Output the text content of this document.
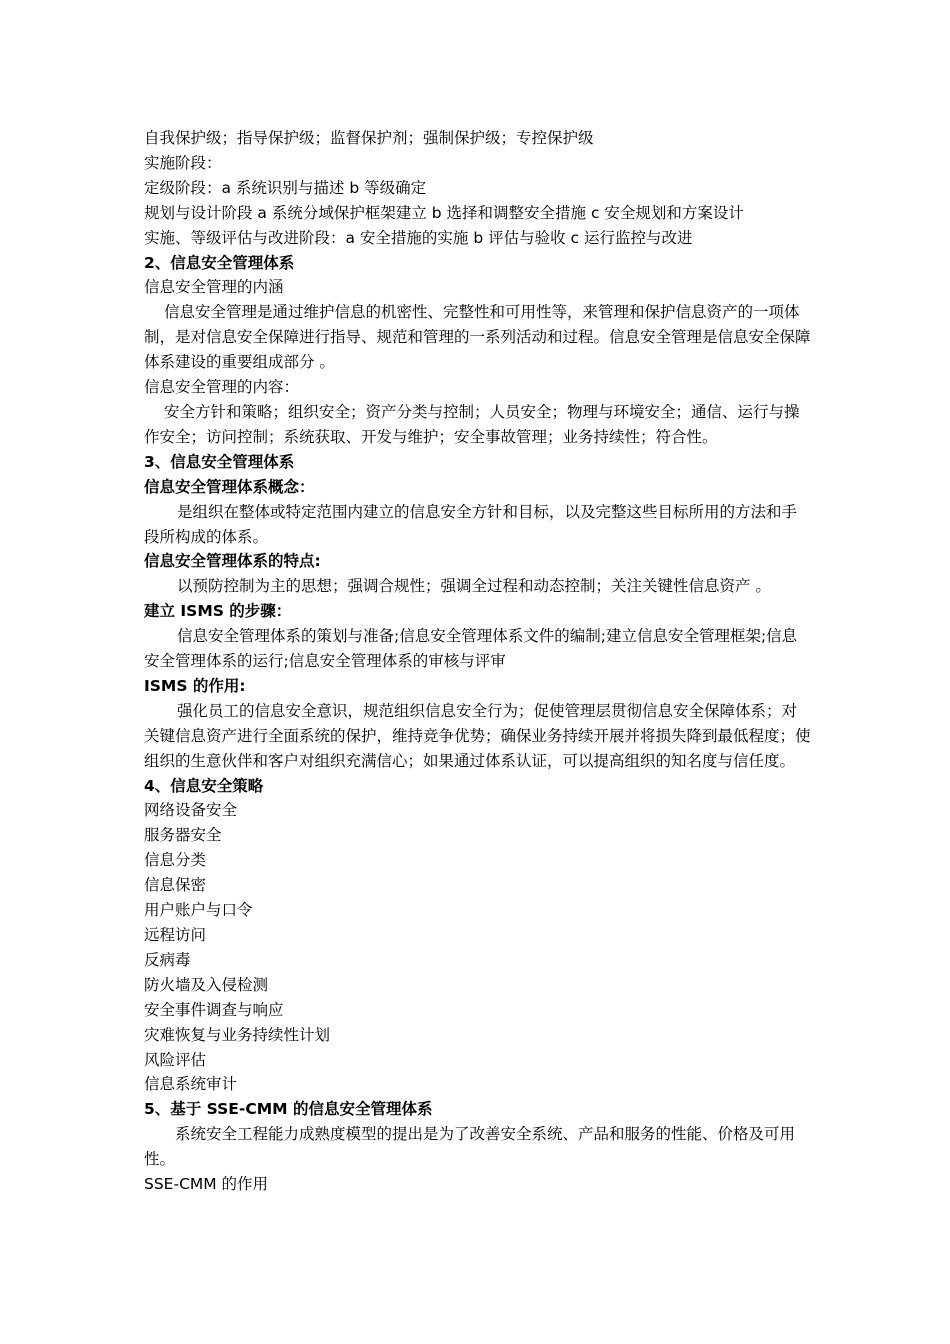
自我保护级；指导保护级；监督保护剂；强制保护级；专控保护级

实施阶段：

定级阶段：a 系统识别与描述 b 等级确定

规划与设计阶段 a 系统分域保护框架建立 b 选择和调整安全措施 c 安全规划和方案设计

实施、等级评估与改进阶段：a 安全措施的实施 b 评估与验收 c 运行监控与改进

2、信息安全管理体系

信息安全管理的内涵

信息安全管理是通过维护信息的机密性、完整性和可用性等，来管理和保护信息资产的一项体制，是对信息安全保障进行指导、规范和管理的一系列活动和过程。信息安全管理是信息安全保障体系建设的重要组成部分 。

信息安全管理的内容：

安全方针和策略；组织安全；资产分类与控制；人员安全；物理与环境安全；通信、运行与操作安全；访问控制；系统获取、开发与维护；安全事故管理；业务持续性；符合性。

3、信息安全管理体系

信息安全管理体系概念：

是组织在整体或特定范围内建立的信息安全方针和目标，以及完整这些目标所用的方法和手段所构成的体系。

信息安全管理体系的特点:

以预防控制为主的思想；强调合规性；强调全过程和动态控制；关注关键性信息资产 。

建立 ISMS 的步骤：

信息安全管理体系的策划与准备;信息安全管理体系文件的编制;建立信息安全管理框架;信息安全管理体系的运行;信息安全管理体系的审核与评审

ISMS 的作用:

强化员工的信息安全意识，规范组织信息安全行为；促使管理层贯彻信息安全保障体系；对关键信息资产进行全面系统的保护，维持竞争优势；确保业务持续开展并将损失降到最低程度；使组织的生意伙伴和客户对组织充满信心；如果通过体系认证，可以提高组织的知名度与信任度。

4、信息安全策略

网络设备安全

服务器安全

信息分类

信息保密

用户账户与口令

远程访问

反病毒

防火墙及入侵检测

安全事件调查与响应

灾难恢复与业务持续性计划

风险评估

信息系统审计

5、基于 SSE-CMM 的信息安全管理体系

系统安全工程能力成熟度模型的提出是为了改善安全系统、产品和服务的性能、价格及可用性。

SSE-CMM 的作用
